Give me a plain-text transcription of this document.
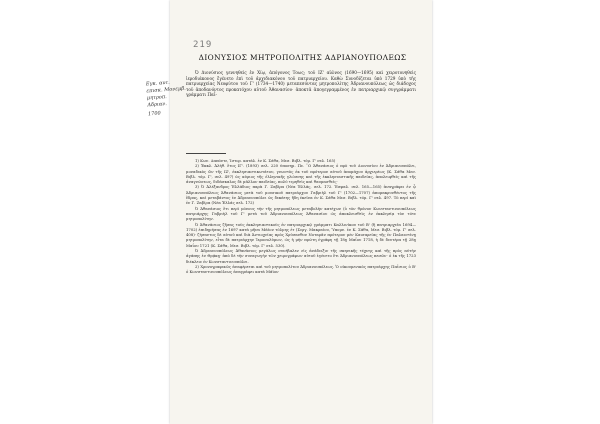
219
ΔΙΟΝΥΣΙΟΣ ΜΗΤΡΟΠΟΛΙΤΗΣ ΑΔΡΙΑΝΟΥΠΟΛΕΩΣ
Εγκ. αυτ.
επισκ. Μονεμβ.
μητροπ. Αδριαν.
1700

Ὁ Διονύσιος γεννηθεὶς ἐν Χίῳ, ἀπόγονος Τοως; τοῦ ΙΖ' αἰῶνος (1690—1695) καὶ χειροτονηθεὶς ἱεροδιάκονος ἔγένετο ἐπὶ τοῦ ἀρχιδιακόνου τοῦ πατριαρχείου. Καθὼ Συνοδίζεται ὑπὸ 1729 ὑπὸ τῆς πατριαρχείας Νεοφύτου τοῦ Γ' (1734—1740) μεταπεσόντας μητροπολίτης Ἀδριανουπόλεως ὡς διάδοχος τοῦ ἀποδανόντος προκατόχου αὐτοῦ Ἀθανασίου· ἀποκτᾶ ἀπογεγραμμένος ἐν πατριαρχικῷ συγγράμματι γράμματι Παΐ-

1) Κων. Δαπόντε, Ἱστορ. κατάλ. ἐν Κ. Σάθα, Μεσ. Βιβλ. τόμ. Γ' σελ. 165)

2) Ἐκκλ. Ἀλήθ. ἔτος ΙΓ'. (1893) σελ. 220 ὑποσημ. Πε. ῎Ο Ἀθανάσιος ὁ πρὸ τοῦ Διονυσίου ἐν Ἀδριανουπόλει, μοναδικὸς ὢν τῆς ΙΖ', ἐκκλησιαστικωτάτου, γνωστὸς ἐκ τοῦ πρότερον αὐτοῦ ἀπομάχου ἀρχιερέως (Κ. Σάθα Μεσ. Βιβλ. τόμ. Γ', σελ. 497) ὡς κύριος τῆς ἑλληνικῆς γλώσσης καὶ τῆς ἐκκλησιαστικῆς παιδείας, ἀπολειφθεὶς καὶ τῆς ἀναγνώσεως, διδάσκαλος δὲ μᾶλλον παιδείας, πολύ τιμηθεὶς καὶ θαυμασθεὶς·

3) Ὁ Ἀλέξανδρος Ἑλλάδιος παρὰ Γ. Ζαβίρα (Νέα Ἑλλάς, σελ. 172. Ἐσφαλ. σελ. 165—165) ἀναγράφει ἐν ᾧ Ἀδριανουπόλεως Ἀθανάσιος μετὰ τοῦ μουσικοῦ πατριάρχου Γαβριὴλ τοῦ Γ' (1702—1707) ἀπομακρυνθέντος τῆς ἔδρας, καὶ μεταβάντος ἐν Ἀδριανουπόλει ὡς δεκάτης ἤδη ἐκεῖνα ἐν Κ. Σάθα Μεσ. Βιβλ. τόμ. Γ' σελ. 497. Τὸ περί καὶ ἐν Γ. Ζαβίρα (Νέα Ἑλλάς σελ. 172)

Ὁ Ἀθανάσιος ἔτι περὶ μόνους τὴν τῆς μητροπόλεως μεταβολὴν κατέχων (ὁ τὸν θρόνον Κωνσταντινουπόλεως πατριάρχης Γαβριὴλ τοῦ Γ' μετὰ τοῦ Ἀδριανουπόλεως Ἀθανασίου ὡς ἀποκλεισθεὶς ἐν ἐκκλησίᾳ τὸν τότε μητροπολίτην.

Ὁ Ἀθανάσιος ζῆσας τοὺς ἐκκλησιαστικοὺς ἐν πατριαρχικῷ γράμματι Καλλινίκου τοῦ Β' (ἢ πατριαρχεῖα 1694—1702) ἐπιδημήσας ἐν 1697 κατὰ μῆνα Μάϊον τόλμης ἐτ (Σεργ. Μακραίου, Ὑπομν. ἐν Κ. Σάθα, Μεσ. Βιβλ. τόμ. Γ' σελ. 408)· ζήσαντος δὲ αὐτοῦ καὶ διὰ Ἀντιοχείας πρὸς Χρύσανθον Νοταρᾶν πρότερον μὲν Καισαρείας τῆς ἐν Παλαιστίνῃ μητροπολίτην, εἶτα δὲ πατριάρχην Ἱεροσολύμων, ὡς ἡ μὴν πρώτη ἐγράφη τῇ 18ῃ Μαΐου 1718, ἡ δὲ δευτέρα τῇ 28ῃ Μαΐου 1721 (Κ. Σάθα, Μεσ. Βιβλ. τόμ. Γ' σελ. 530).

Ὁ Ἀδριανουπόλεως Ἀθανάσιος μεγάλως συνέβαλεν εἰς ἀνάδειξιν τῆς σκηνικῆς τέχνης καὶ τῆς πρὸς αὐτὴν ἀγάπης ἐν Θρᾴκῃ· ἀπὸ δὲ τὴν συναγωγὴν τῶν χειρογράφων αὐτοῦ ἐγένετο ἔτι Ἀδριανουπόλεως πεσῶν· ὁ ἐκ τῆς 1723 διέκλειε ἐν Κωνσταντινουπόλει.

2) Χρονογραφικῶς ἀναφέρεται καὶ τοῦ μητροπολίτου Ἀδριανουπόλεως. Ὁ οἰκουμενικὸς πατριάρχης Παΐσιος ὁ Β' ὁ Κωνσταντινουπόλεως ἀναγράφει κατὰ Μάϊον
